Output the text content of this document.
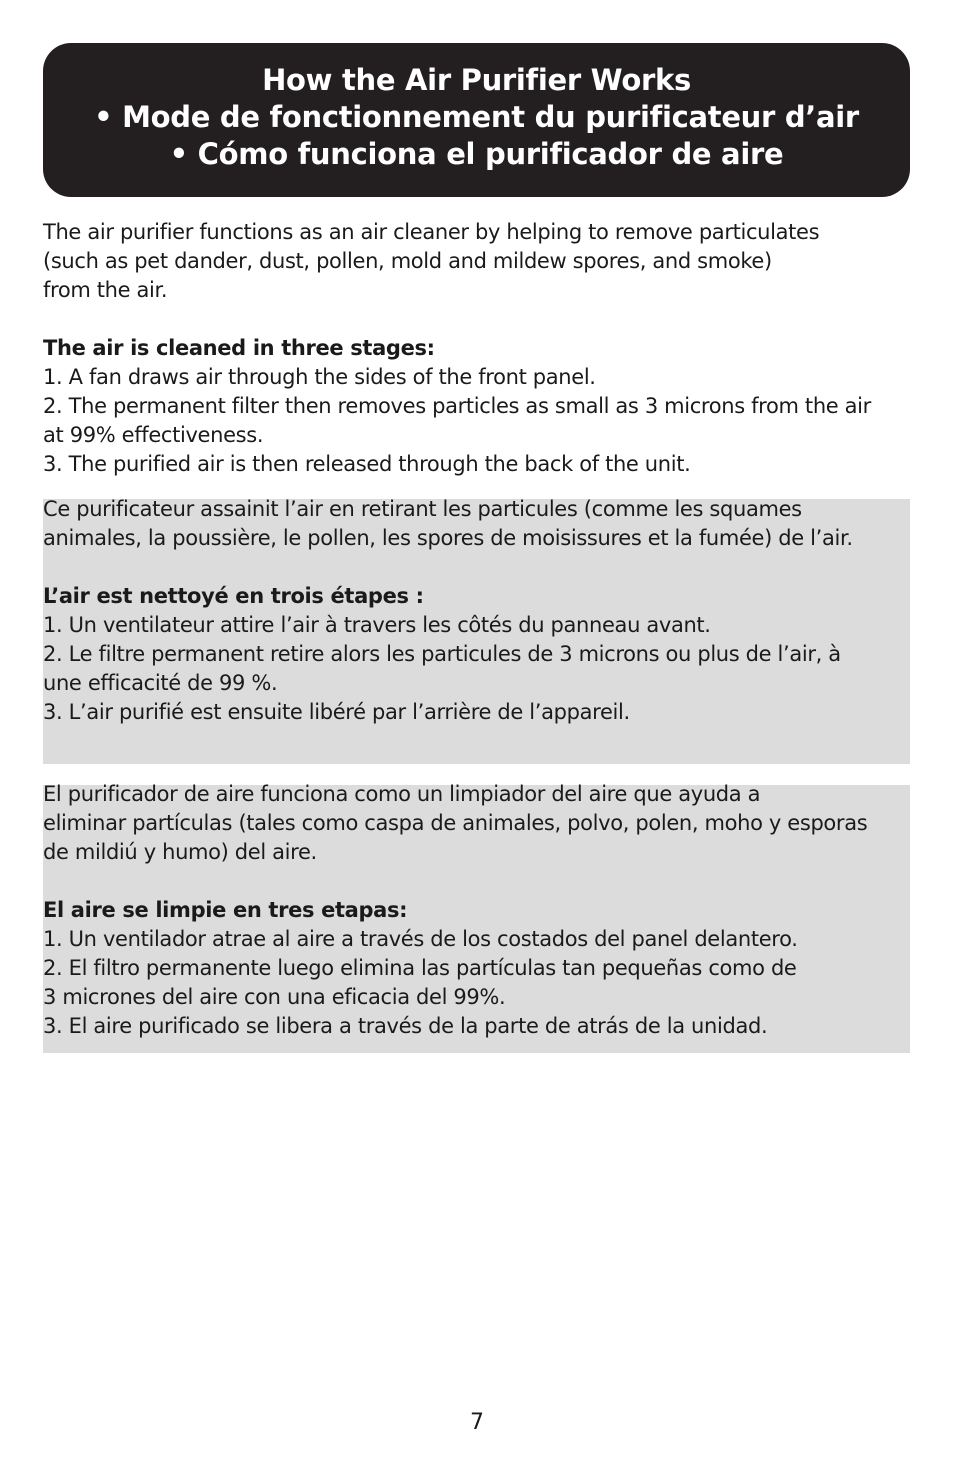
How the Air Purifier Works
• Mode de fonctionnement du purificateur d’air
• Cómo funciona el purificador de aire

The air purifier functions as an air cleaner by helping to remove particulates

(such as pet dander, dust, pollen, mold and mildew spores, and smoke)

from the air.

The air is cleaned in three stages:

1. A fan draws air through the sides of the front panel.

2. The permanent filter then removes particles as small as 3 microns from the air

at 99% effectiveness.

3. The purified air is then released through the back of the unit.

Ce purificateur assainit l’air en retirant les particules (comme les squames

animales, la poussière, le pollen, les spores de moisissures et la fumée) de l’air.

L’air est nettoyé en trois étapes :

1. Un ventilateur attire l’air à travers les côtés du panneau avant.

2. Le filtre permanent retire alors les particules de 3 microns ou plus de l’air, à

une efficacité de 99 %.

3. L’air purifié est ensuite libéré par l’arrière de l’appareil.

El purificador de aire funciona como un limpiador del aire que ayuda a

eliminar partículas (tales como caspa de animales, polvo, polen, moho y esporas

de mildiú y humo) del aire.

El aire se limpie en tres etapas:

1. Un ventilador atrae al aire a través de los costados del panel delantero.

2. El filtro permanente luego elimina las partículas tan pequeñas como de

3 micrones del aire con una eficacia del 99%.

3. El aire purificado se libera a través de la parte de atrás de la unidad.

7
